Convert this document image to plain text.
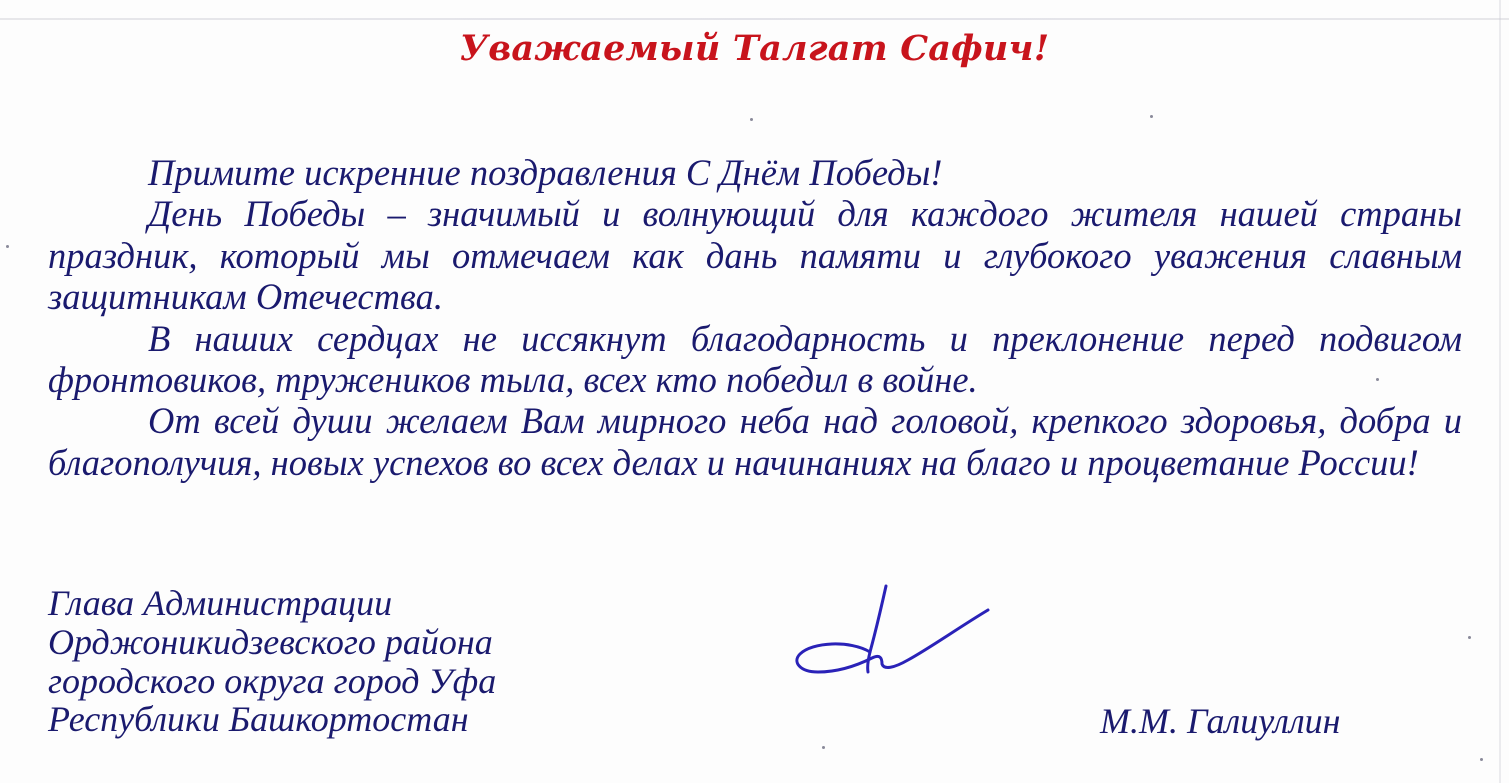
Уважаемый Талгат Сафич!

Примите искренние поздравления С Днём Победы!

День Победы – значимый и волнующий для каждого жителя нашей страны праздник, который мы отмечаем как дань памяти и глубокого уважения славным защитникам Отечества.

В наших сердцах не иссякнут благодарность и преклонение перед подвигом фронтовиков, тружеников тыла, всех кто победил в войне.

От всей души желаем Вам мирного неба над головой, крепкого здоровья, добра и благополучия, новых успехов во всех делах и начинаниях на благо и процветание России!

Глава Администрации
Орджоникидзевского района
городского округа город Уфа
Республики Башкортостан	М.М. Галиуллин
